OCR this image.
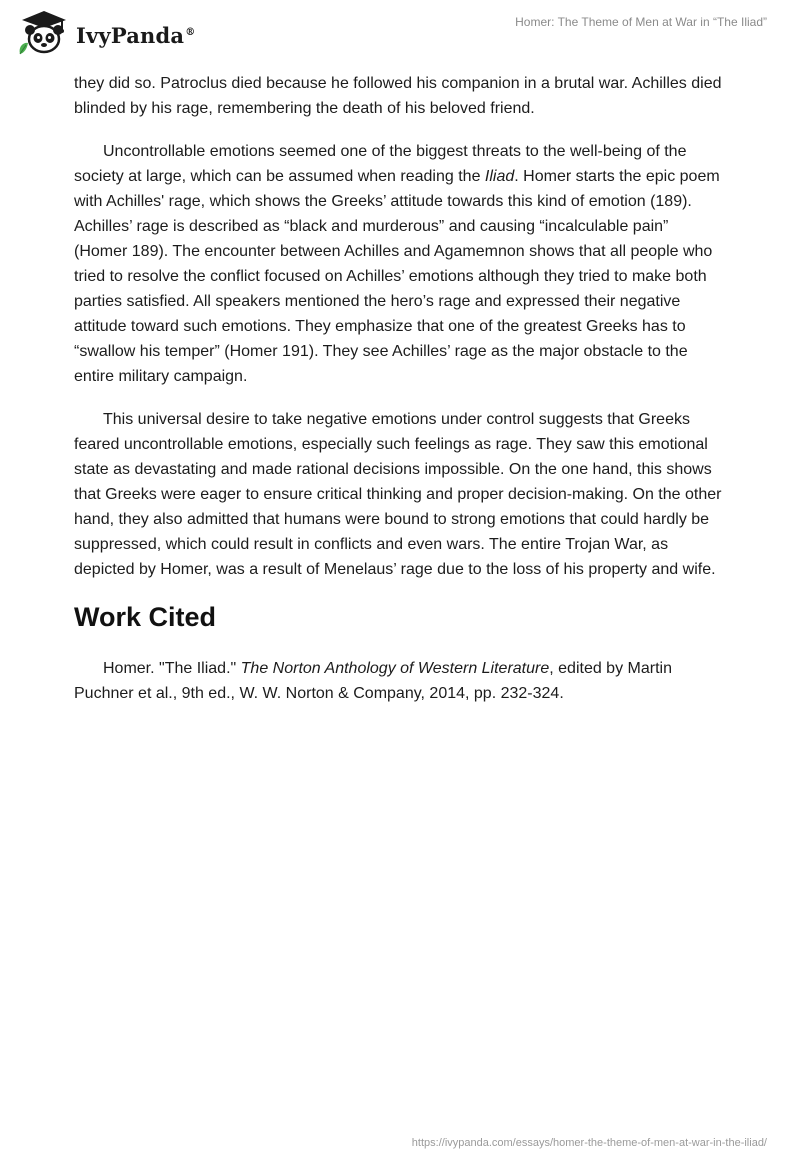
IvyPanda®
Homer: The Theme of Men at War in “The Iliad”

they did so. Patroclus died because he followed his companion in a brutal war. Achilles died blinded by his rage, remembering the death of his beloved friend.

Uncontrollable emotions seemed one of the biggest threats to the well-being of the society at large, which can be assumed when reading the Iliad. Homer starts the epic poem with Achilles' rage, which shows the Greeks’ attitude towards this kind of emotion (189). Achilles’ rage is described as “black and murderous” and causing “incalculable pain” (Homer 189). The encounter between Achilles and Agamemnon shows that all people who tried to resolve the conflict focused on Achilles’ emotions although they tried to make both parties satisfied. All speakers mentioned the hero’s rage and expressed their negative attitude toward such emotions. They emphasize that one of the greatest Greeks has to “swallow his temper” (Homer 191). They see Achilles’ rage as the major obstacle to the entire military campaign.

This universal desire to take negative emotions under control suggests that Greeks feared uncontrollable emotions, especially such feelings as rage. They saw this emotional state as devastating and made rational decisions impossible. On the one hand, this shows that Greeks were eager to ensure critical thinking and proper decision-making. On the other hand, they also admitted that humans were bound to strong emotions that could hardly be suppressed, which could result in conflicts and even wars. The entire Trojan War, as depicted by Homer, was a result of Menelaus’ rage due to the loss of his property and wife.

Work Cited

Homer. "The Iliad." The Norton Anthology of Western Literature, edited by Martin Puchner et al., 9th ed., W. W. Norton & Company, 2014, pp. 232-324.

https://ivypanda.com/essays/homer-the-theme-of-men-at-war-in-the-iliad/
